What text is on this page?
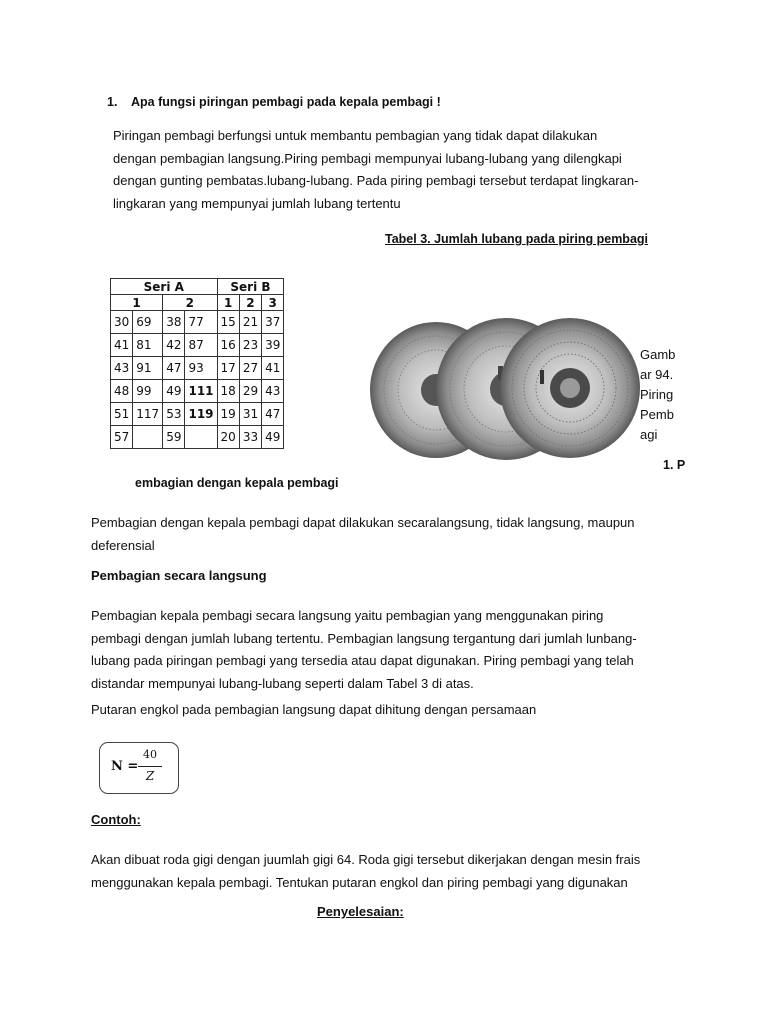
1. Apa fungsi piringan pembagi pada kepala pembagi !
Piringan pembagi berfungsi untuk membantu pembagian yang tidak dapat dilakukan
dengan pembagian langsung.Piring pembagi mempunyai lubang-lubang yang dilengkapi
dengan gunting pembatas.lubang-lubang. Pada piring pembagi tersebut terdapat lingkaran-
lingkaran yang mempunyai jumlah lubang tertentu
Tabel 3. Jumlah lubang pada piring pembagi
Seri A				Seri B		
1		2		1	2	3
30	69	38	77	15	21	37
41	81	42	87	16	23	39
43	91	47	93	17	27	41
48	99	49	111	18	29	43
51	117	53	119	19	31	47
57		59		20	33	49
Gamb
ar 94.
Piring
Pemb
agi
1. P
embagian dengan kepala pembagi
Pembagian dengan kepala pembagi dapat dilakukan secaralangsung, tidak langsung, maupun
deferensial
Pembagian secara langsung
Pembagian kepala pembagi secara langsung yaitu pembagian yang menggunakan piring
pembagi dengan jumlah lubang tertentu. Pembagian langsung tergantung dari jumlah lunbang-
lubang pada piringan pembagi yang tersedia atau dapat digunakan. Piring pembagi yang telah
distandar mempunyai lubang-lubang seperti dalam Tabel 3 di atas.
Putaran engkol pada pembagian langsung dapat dihitung dengan persamaan
N =
40
Z
Contoh:
Akan dibuat roda gigi dengan juumlah gigi 64. Roda gigi tersebut dikerjakan dengan mesin frais
menggunakan kepala pembagi. Tentukan putaran engkol dan piring pembagi yang digunakan
Penyelesaian:
